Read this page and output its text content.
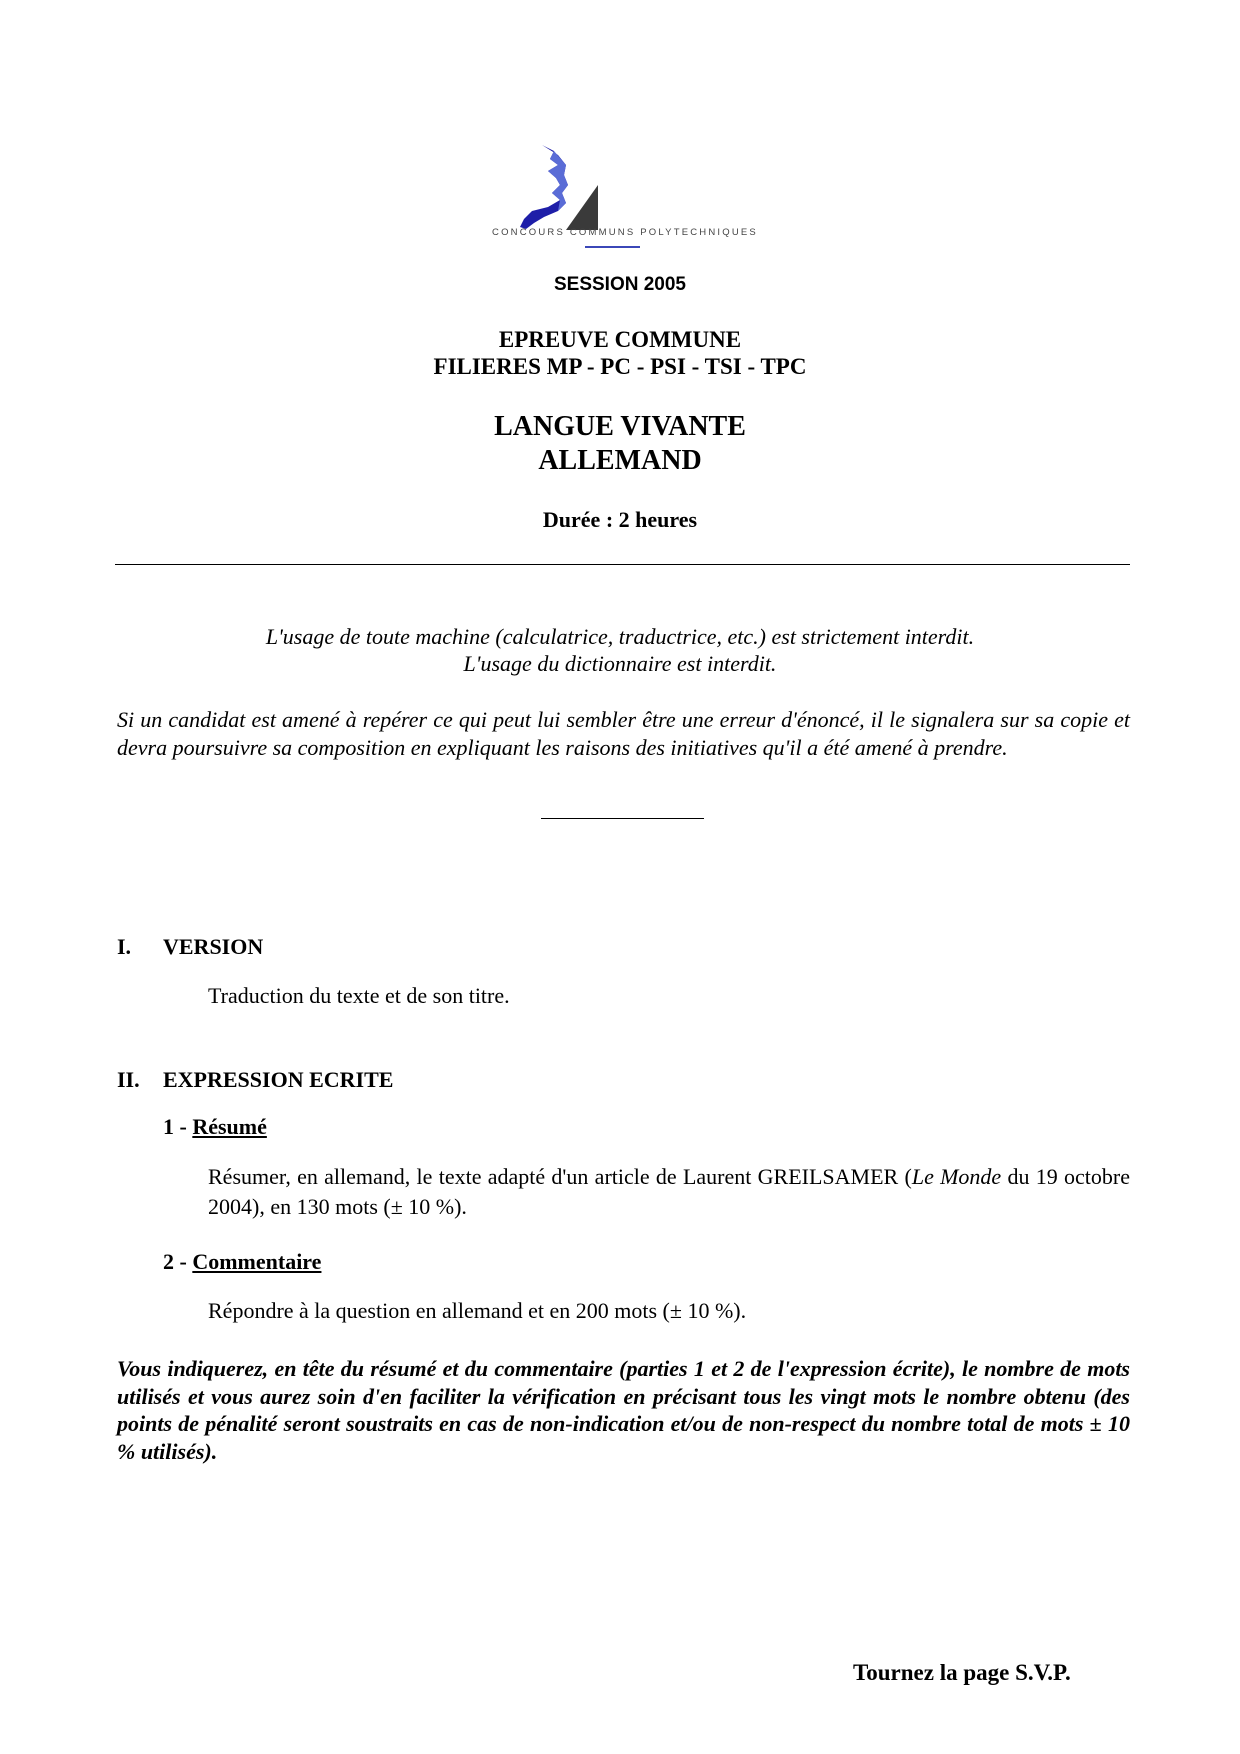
CONCOURS COMMUNS POLYTECHNIQUES
SESSION 2005
EPREUVE COMMUNE
FILIERES MP - PC - PSI - TSI - TPC
LANGUE VIVANTE
ALLEMAND
Durée : 2 heures
L'usage de toute machine (calculatrice, traductrice, etc.) est strictement interdit.
L'usage du dictionnaire est interdit.
Si un candidat est amené à repérer ce qui peut lui sembler être une erreur d'énoncé, il le signalera sur sa copie et devra poursuivre sa composition en expliquant les raisons des initiatives qu'il a été amené à prendre.
I. VERSION
Traduction du texte et de son titre.
II. EXPRESSION ECRITE
1 - Résumé
Résumer, en allemand, le texte adapté d'un article de Laurent GREILSAMER (Le Monde du 19 octobre 2004), en 130 mots (± 10 %).
2 - Commentaire
Répondre à la question en allemand et en 200 mots (± 10 %).
Vous indiquerez, en tête du résumé et du commentaire (parties 1 et 2 de l'expression écrite), le nombre de mots utilisés et vous aurez soin d'en faciliter la vérification en précisant tous les vingt mots le nombre obtenu (des points de pénalité seront soustraits en cas de non-indication et/ou de non-respect du nombre total de mots ± 10 % utilisés).
Tournez la page S.V.P.
